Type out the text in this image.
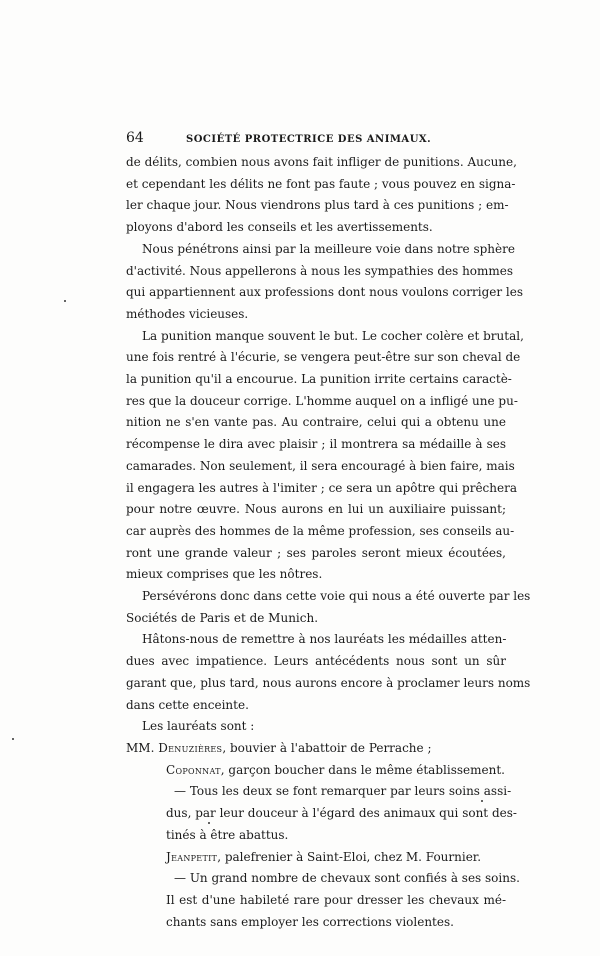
64	SOCIÉTÉ PROTECTRICE DES ANIMAUX.

de délits, combien nous avons fait infliger de punitions. Aucune,
et cependant les délits ne font pas faute ; vous pouvez en signa-
ler chaque jour. Nous viendrons plus tard à ces punitions ; em-
ployons d'abord les conseils et les avertissements.

Nous pénétrons ainsi par la meilleure voie dans notre sphère
d'activité. Nous appellerons à nous les sympathies des hommes
qui appartiennent aux professions dont nous voulons corriger les
méthodes vicieuses.

La punition manque souvent le but. Le cocher colère et brutal,
une fois rentré à l'écurie, se vengera peut-être sur son cheval de
la punition qu'il a encourue. La punition irrite certains caractè-
res que la douceur corrige. L'homme auquel on a infligé une pu-
nition ne s'en vante pas. Au contraire, celui qui a obtenu une
récompense le dira avec plaisir ; il montrera sa médaille à ses
camarades. Non seulement, il sera encouragé à bien faire, mais
il engagera les autres à l'imiter ; ce sera un apôtre qui prêchera
pour notre œuvre. Nous aurons en lui un auxiliaire puissant;
car auprès des hommes de la même profession, ses conseils au-
ront une grande valeur ; ses paroles seront mieux écoutées,
mieux comprises que les nôtres.

Persévérons donc dans cette voie qui nous a été ouverte par les
Sociétés de Paris et de Munich.

Hâtons-nous de remettre à nos lauréats les médailles atten-
dues avec impatience. Leurs antécédents nous sont un sûr
garant que, plus tard, nous aurons encore à proclamer leurs noms
dans cette enceinte.

Les lauréats sont :

MM. Denuzières, bouvier à l'abattoir de Perrache ;
Coponnat, garçon boucher dans le même établissement.
— Tous les deux se font remarquer par leurs soins assi-
dus, par leur douceur à l'égard des animaux qui sont des-
tinés à être abattus.
Jeanpetit, palefrenier à Saint-Eloi, chez M. Fournier.
— Un grand nombre de chevaux sont confiés à ses soins.
Il est d'une habileté rare pour dresser les chevaux mé-
chants sans employer les corrections violentes.
